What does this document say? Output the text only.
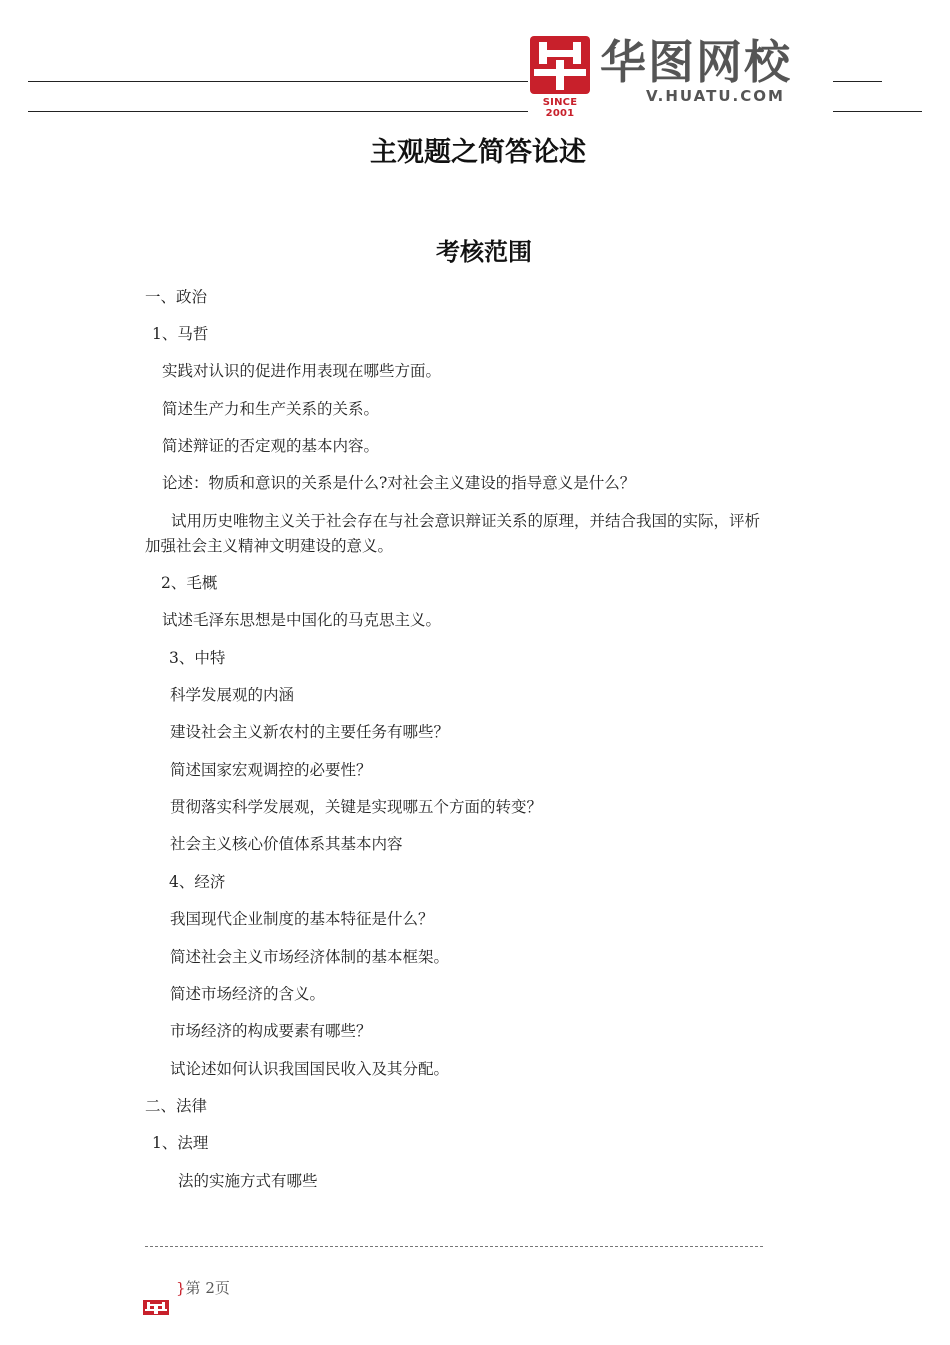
SINCE 2001
华图网校
V.HUATU.COM
主观题之简答论述
考核范围
一、政治
1、马哲
实践对认识的促进作用表现在哪些方面。
简述生产力和生产关系的关系。
简述辩证的否定观的基本内容。
论述：物质和意识的关系是什么?对社会主义建设的指导意义是什么？
试用历史唯物主义关于社会存在与社会意识辩证关系的原理，并结合我国的实际，评析加强社会主义精神文明建设的意义。
2、毛概
试述毛泽东思想是中国化的马克思主义。
3、中特
科学发展观的内涵
建设社会主义新农村的主要任务有哪些？
简述国家宏观调控的必要性？
贯彻落实科学发展观，关键是实现哪五个方面的转变？
社会主义核心价值体系其基本内容
4、经济
我国现代企业制度的基本特征是什么？
简述社会主义市场经济体制的基本框架。
简述市场经济的含义。
市场经济的构成要素有哪些？
试论述如何认识我国国民收入及其分配。
二、法律
1、法理
法的实施方式有哪些
}第 2页
